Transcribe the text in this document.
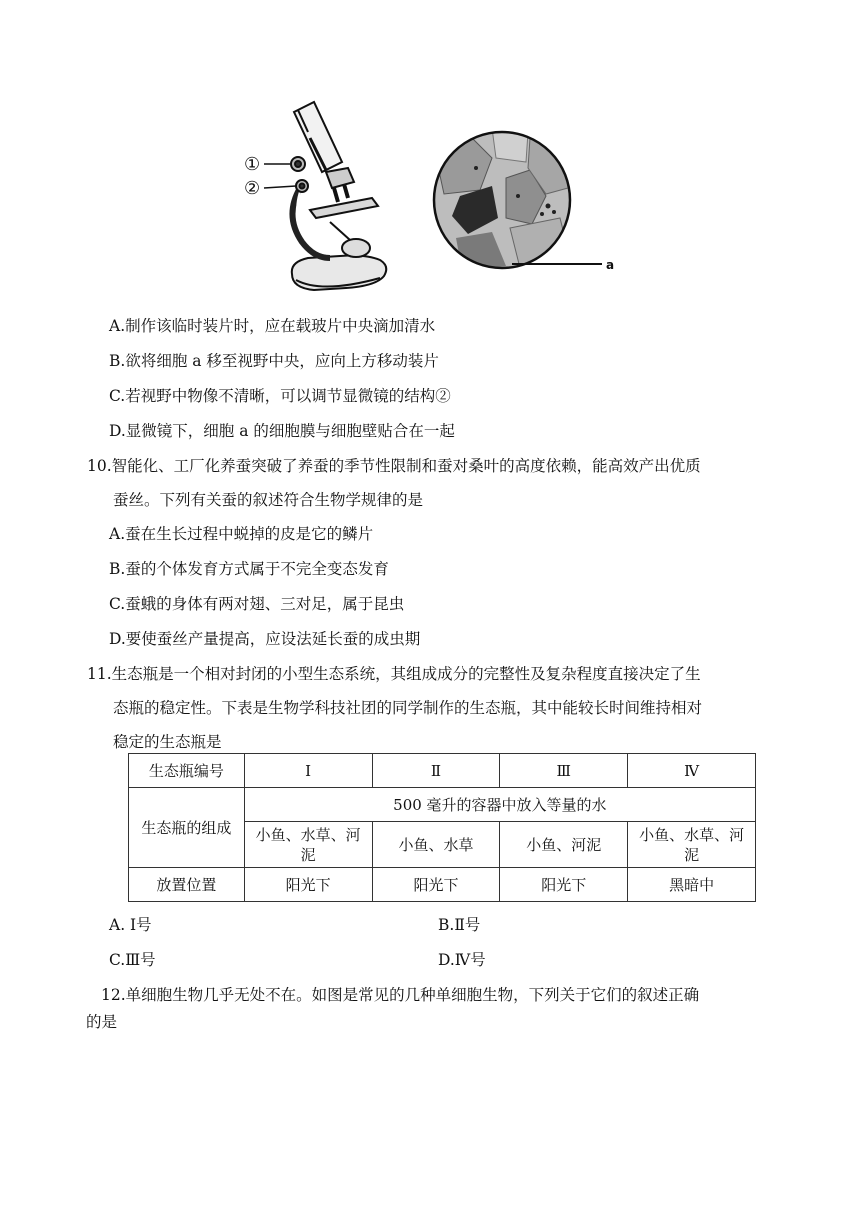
①
②
a
A.制作该临时装片时，应在载玻片中央滴加清水
B.欲将细胞 a 移至视野中央，应向上方移动装片
C.若视野中物像不清晰，可以调节显微镜的结构②
D.显微镜下，细胞 a 的细胞膜与细胞壁贴合在一起
10.智能化、工厂化养蚕突破了养蚕的季节性限制和蚕对桑叶的高度依赖，能高效产出优质
蚕丝。下列有关蚕的叙述符合生物学规律的是
A.蚕在生长过程中蜕掉的皮是它的鳞片
B.蚕的个体发育方式属于不完全变态发育
C.蚕蛾的身体有两对翅、三对足，属于昆虫
D.要使蚕丝产量提高，应设法延长蚕的成虫期
11.生态瓶是一个相对封闭的小型生态系统，其组成成分的完整性及复杂程度直接决定了生
态瓶的稳定性。下表是生物学科技社团的同学制作的生态瓶，其中能较长时间维持相对
稳定的生态瓶是
生态瓶编号	I	Ⅱ	Ⅲ	Ⅳ
生态瓶的组成	500 毫升的容器中放入等量的水			
	小鱼、水草、河泥	小鱼、水草	小鱼、河泥	小鱼、水草、河泥
放置位置	阳光下	阳光下	阳光下	黑暗中
A. Ⅰ号	B.Ⅱ号
C.Ⅲ号	D.Ⅳ号
12.单细胞生物几乎无处不在。如图是常见的几种单细胞生物，下列关于它们的叙述正确
的是
